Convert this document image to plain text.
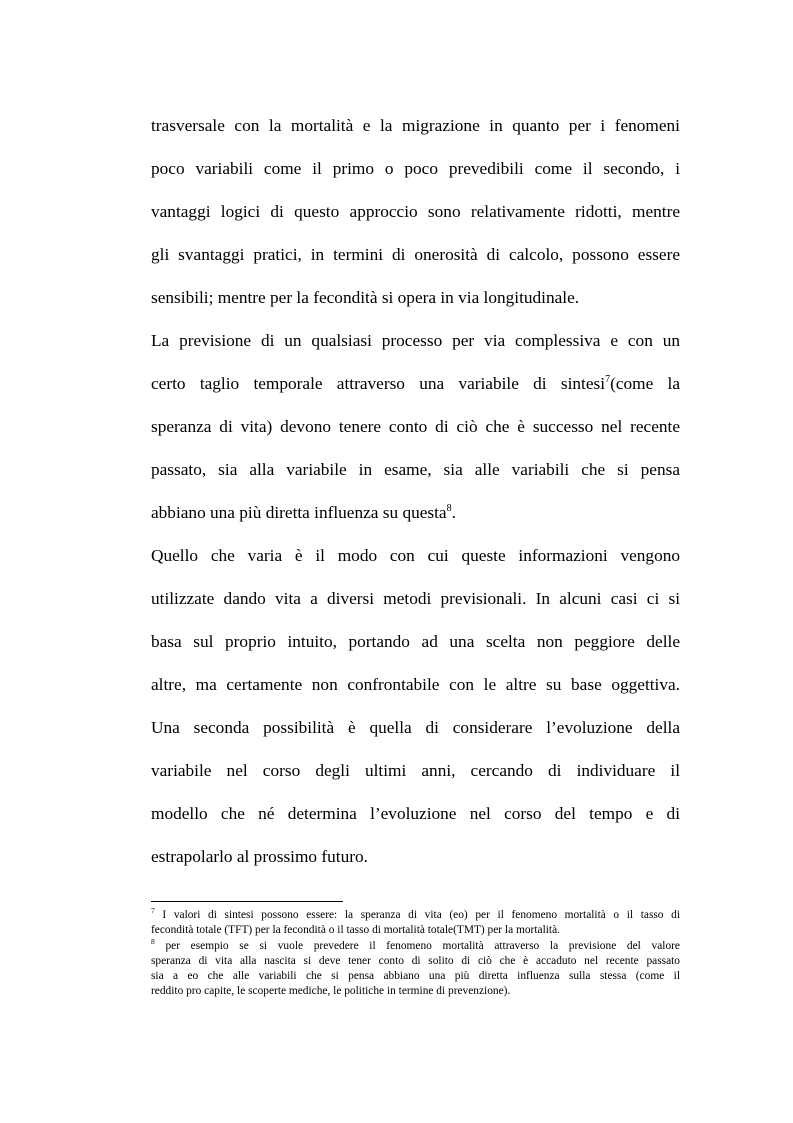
trasversale con la mortalità e la migrazione in quanto per i fenomeni
poco variabili come il primo o poco prevedibili come il secondo, i
vantaggi logici di questo approccio sono relativamente ridotti, mentre
gli svantaggi pratici, in termini di onerosità di calcolo, possono essere
sensibili; mentre per la fecondità si opera in via longitudinale.
La previsione di un qualsiasi processo per via complessiva e con un
certo taglio temporale attraverso una variabile di sintesi$^7$(come la
speranza di vita) devono tenere conto di ciò che è successo nel recente
passato, sia alla variabile in esame, sia alle variabili che si pensa
abbiano una più diretta influenza su questa$^8$.
Quello che varia è il modo con cui queste informazioni vengono
utilizzate dando vita a diversi metodi previsionali. In alcuni casi ci si
basa sul proprio intuito, portando ad una scelta non peggiore delle
altre, ma certamente non confrontabile con le altre su base oggettiva.
Una seconda possibilità è quella di considerare l’evoluzione della
variabile nel corso degli ultimi anni, cercando di individuare il
modello che né determina l’evoluzione nel corso del tempo e di
estrapolarlo al prossimo futuro.
$^7$ I valori di sintesi possono essere: la speranza di vita (eo) per il fenomeno mortalità o il tasso di
fecondità totale (TFT) per la fecondità o il tasso di mortalità totale(TMT) per la mortalità.
$^8$ per esempio se si vuole prevedere il fenomeno mortalità attraverso la previsione del valore
speranza di vita alla nascita si deve tener conto di solito di ciò che è accaduto nel recente passato
sia a eo che alle variabili che si pensa abbiano una più diretta influenza sulla stessa (come il
reddito pro capite, le scoperte mediche, le politiche in termine di prevenzione).
